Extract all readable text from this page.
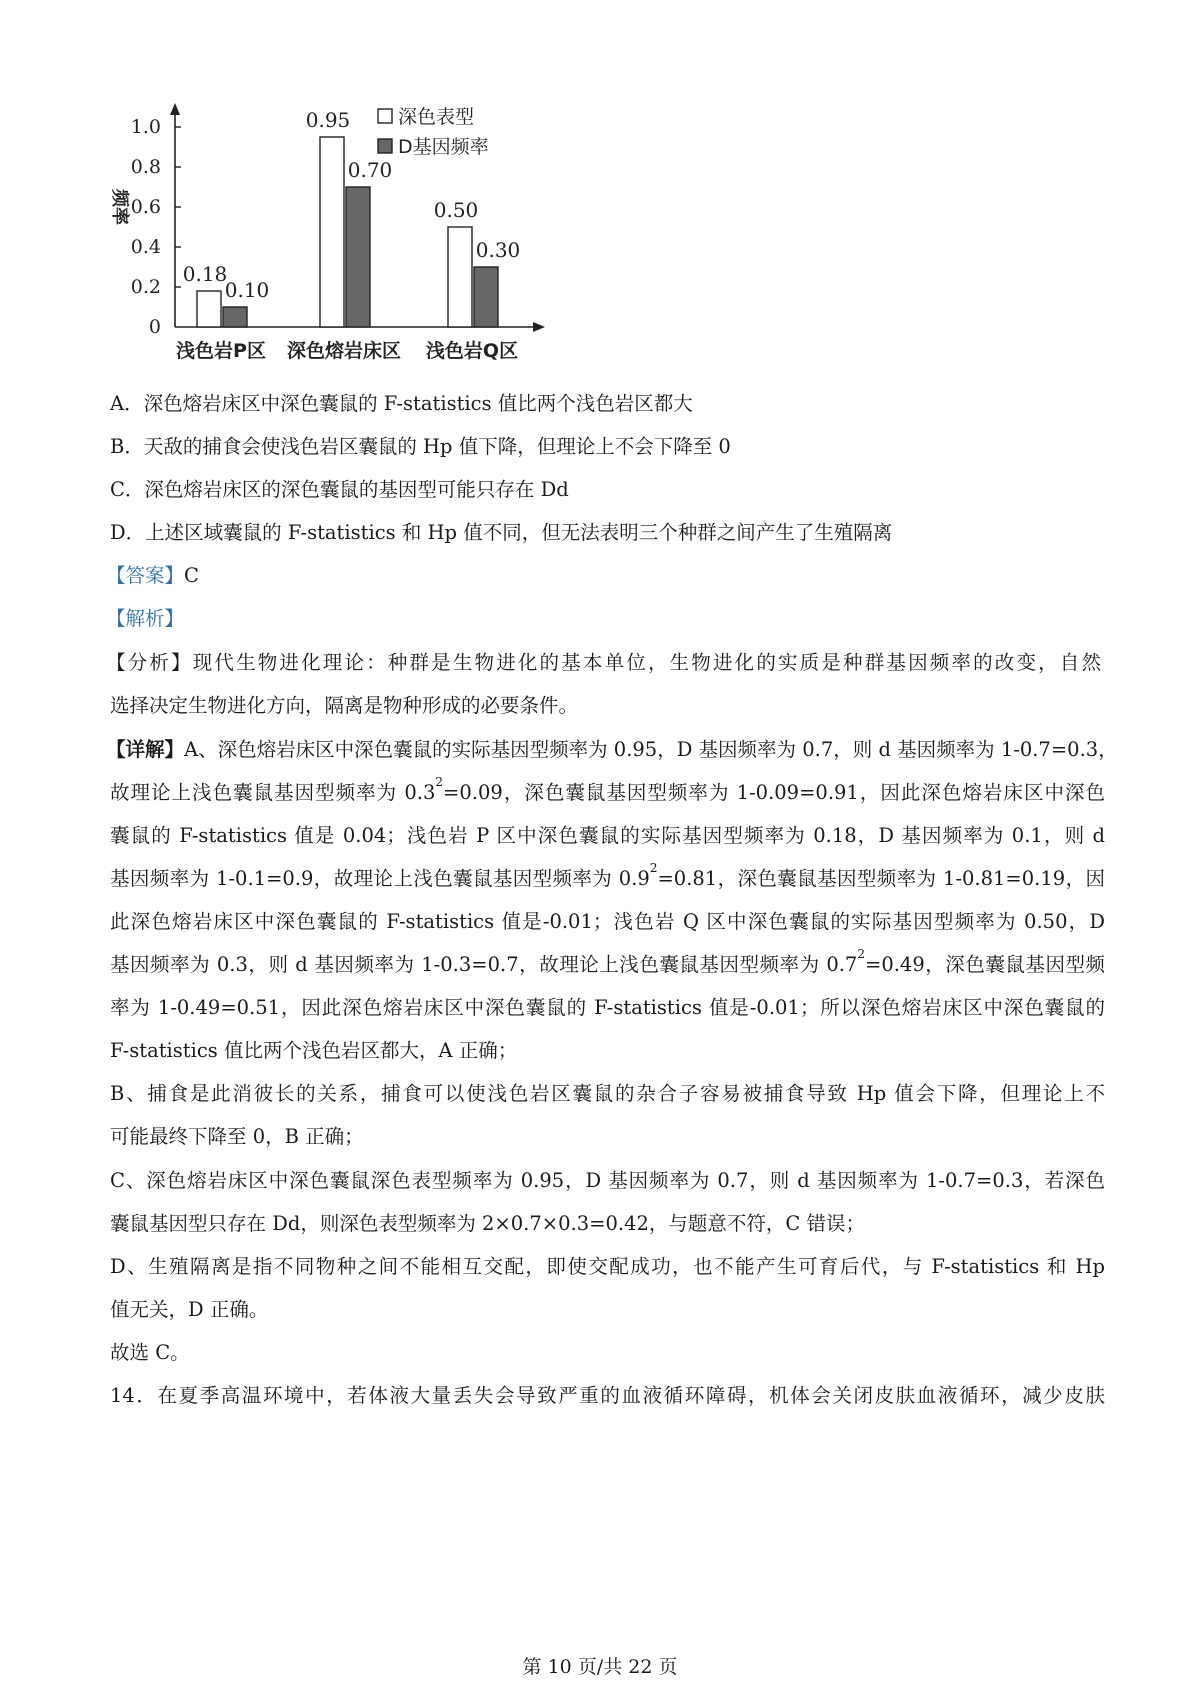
0
0.2
0.4
0.6
0.8
1.0
频率
0.18
0.10
浅色岩P区
0.95
0.70
深色熔岩床区
0.50
0.30
浅色岩Q区
深色表型
D基因频率
A．深色熔岩床区中深色囊鼠的 F-statistics 值比两个浅色岩区都大
B．天敌的捕食会使浅色岩区囊鼠的 Hp 值下降，但理论上不会下降至 0
C．深色熔岩床区的深色囊鼠的基因型可能只存在 Dd
D．上述区域囊鼠的 F-statistics 和 Hp 值不同，但无法表明三个种群之间产生了生殖隔离
【答案】C
【解析】
【分析】现代生物进化理论：种群是生物进化的基本单位，生物进化的实质是种群基因频率的改变，自然
选择决定生物进化方向，隔离是物种形成的必要条件。
【详解】A、深色熔岩床区中深色囊鼠的实际基因型频率为 0.95，D 基因频率为 0.7，则 d 基因频率为 1-0.7=0.3，
故理论上浅色囊鼠基因型频率为 $0.3^2=0.09$，深色囊鼠基因型频率为 1-0.09=0.91，因此深色熔岩床区中深色
囊鼠的 F-statistics 值是 0.04；浅色岩 P 区中深色囊鼠的实际基因型频率为 0.18，D 基因频率为 0.1，则 d
基因频率为 1-0.1=0.9，故理论上浅色囊鼠基因型频率为 $0.9^2=0.81$，深色囊鼠基因型频率为 1-0.81=0.19，因
此深色熔岩床区中深色囊鼠的 F-statistics 值是-0.01；浅色岩 Q 区中深色囊鼠的实际基因型频率为 0.50，D
基因频率为 0.3，则 d 基因频率为 1-0.3=0.7，故理论上浅色囊鼠基因型频率为 $0.7^2=0.49$，深色囊鼠基因型频
率为 1-0.49=0.51，因此深色熔岩床区中深色囊鼠的 F-statistics 值是-0.01；所以深色熔岩床区中深色囊鼠的
F-statistics 值比两个浅色岩区都大，A 正确；
B、捕食是此消彼长的关系，捕食可以使浅色岩区囊鼠的杂合子容易被捕食导致 Hp 值会下降，但理论上不
可能最终下降至 0，B 正确；
C、深色熔岩床区中深色囊鼠深色表型频率为 0.95，D 基因频率为 0.7，则 d 基因频率为 1-0.7=0.3，若深色
囊鼠基因型只存在 Dd，则深色表型频率为 2×0.7×0.3=0.42，与题意不符，C 错误；
D、生殖隔离是指不同物种之间不能相互交配，即使交配成功，也不能产生可育后代，与 F-statistics 和 Hp
值无关，D 正确。
故选 C。
14．在夏季高温环境中，若体液大量丢失会导致严重的血液循环障碍，机体会关闭皮肤血液循环，减少皮肤
第 10 页/共 22 页
